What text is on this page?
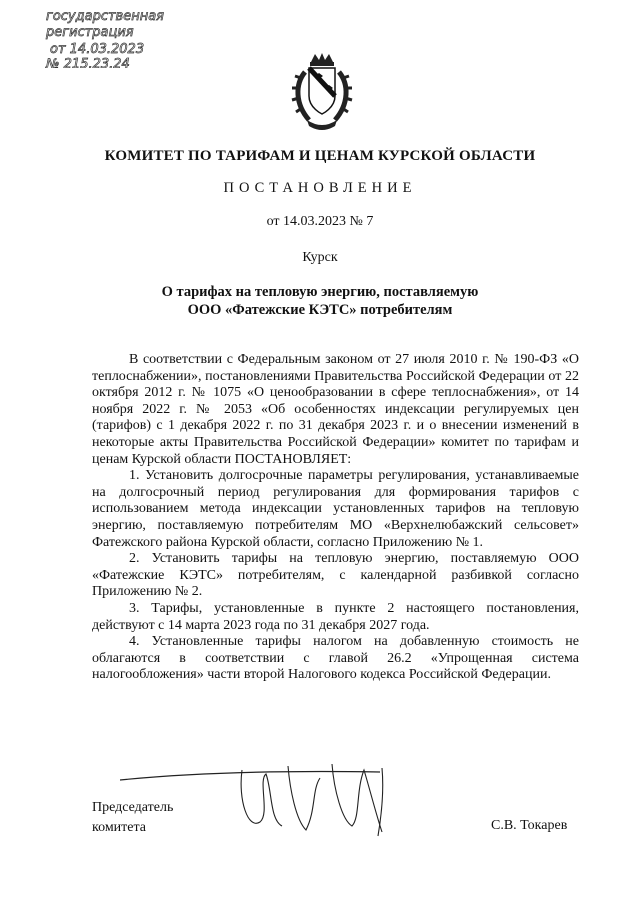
государственная
регистрация
от 14.03.2023
№ 215.23.24
КОМИТЕТ ПО ТАРИФАМ И ЦЕНАМ КУРСКОЙ ОБЛАСТИ
ПОСТАНОВЛЕНИЕ
от 14.03.2023 № 7
Курск
О тарифах на тепловую энергию, поставляемую
ООО «Фатежские КЭТС» потребителям

В соответствии с Федеральным законом от 27 июля 2010 г. № 190-ФЗ «О теплоснабжении», постановлениями Правительства Российской Федерации от 22 октября 2012 г. № 1075 «О ценообразовании в сфере теплоснабжения», от 14 ноября 2022 г. № 2053 «Об особенностях индексации регулируемых цен (тарифов) с 1 декабря 2022 г. по 31 декабря 2023 г. и о внесении изменений в некоторые акты Правительства Российской Федерации» комитет по тарифам и ценам Курской области ПОСТАНОВЛЯЕТ:

1. Установить долгосрочные параметры регулирования, устанавливаемые на долгосрочный период регулирования для формирования тарифов с использованием метода индексации установленных тарифов на тепловую энергию, поставляемую потребителям МО «Верхнелюбажский сельсовет» Фатежского района Курской области, согласно Приложению № 1.

2. Установить тарифы на тепловую энергию, поставляемую ООО «Фатежские КЭТС» потребителям, с календарной разбивкой согласно Приложению № 2.

3. Тарифы, установленные в пункте 2 настоящего постановления, действуют с 14 марта 2023 года по 31 декабря 2027 года.

4. Установленные тарифы налогом на добавленную стоимость не облагаются в соответствии с главой 26.2 «Упрощенная система налогообложения» части второй Налогового кодекса Российской Федерации.

Председатель
комитета	С.В. Токарев
